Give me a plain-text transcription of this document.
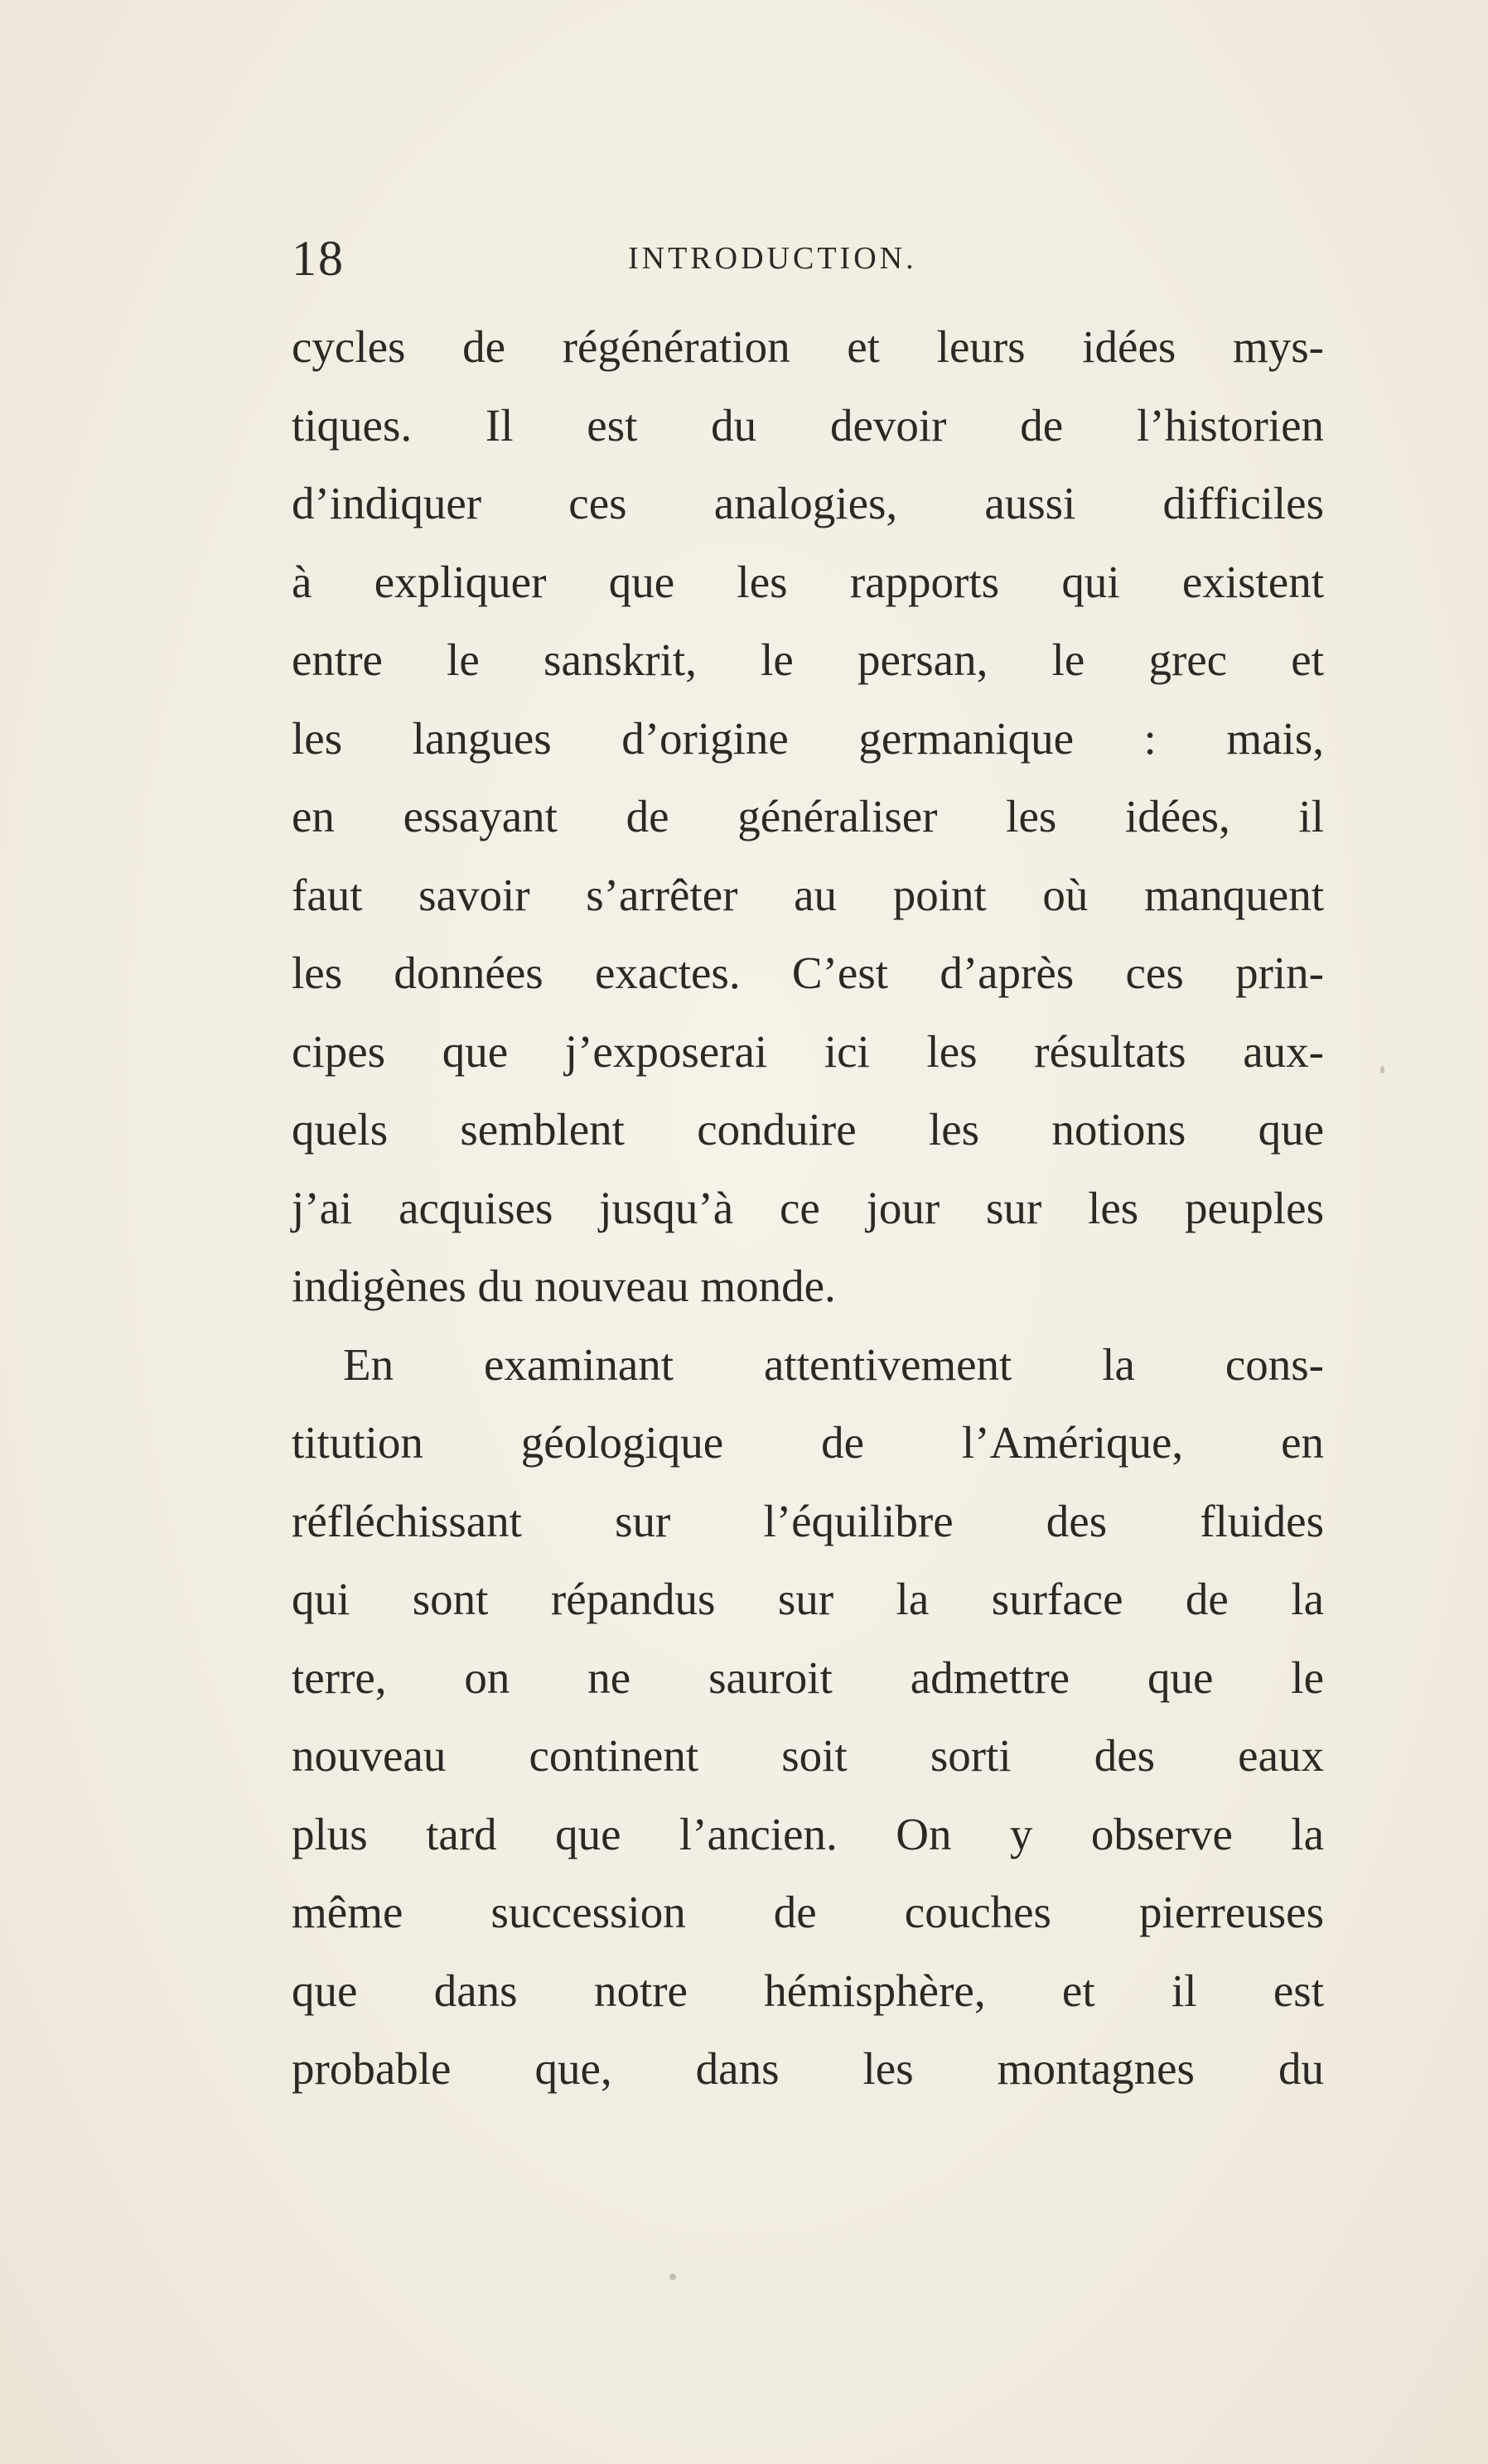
18	INTRODUCTION.
cycles de régénération et leurs idées mys-
tiques. Il est du devoir de l’historien
d’indiquer ces analogies, aussi difficiles
à expliquer que les rapports qui existent
entre le sanskrit, le persan, le grec et
les langues d’origine germanique : mais,
en essayant de généraliser les idées, il
faut savoir s’arrêter au point où manquent
les données exactes. C’est d’après ces prin-
cipes que j’exposerai ici les résultats aux-
quels semblent conduire les notions que
j’ai acquises jusqu’à ce jour sur les peuples
indigènes du nouveau monde.
En examinant attentivement la cons-
titution géologique de l’Amérique, en
réfléchissant sur l’équilibre des fluides
qui sont répandus sur la surface de la
terre, on ne sauroit admettre que le
nouveau continent soit sorti des eaux
plus tard que l’ancien. On y observe la
même succession de couches pierreuses
que dans notre hémisphère, et il est
probable que, dans les montagnes du
